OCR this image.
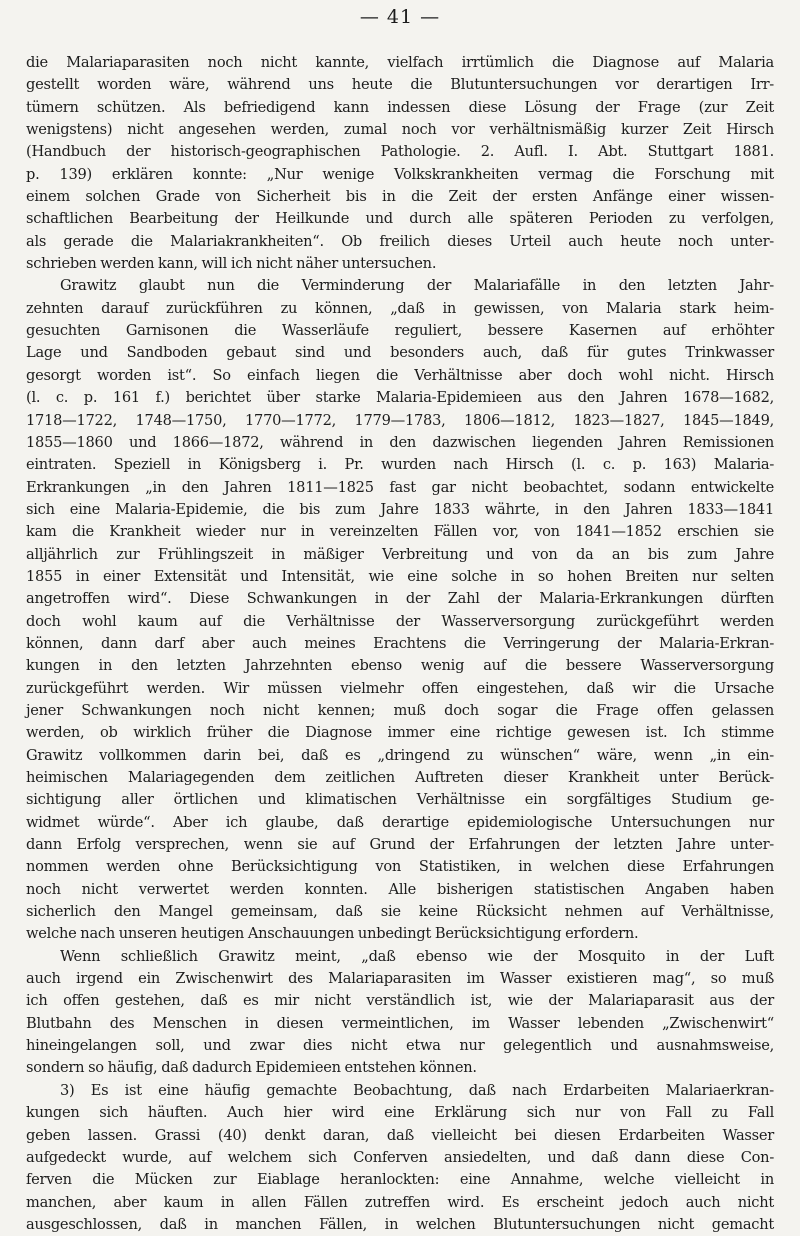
— 41 —
die Malariaparasiten noch nicht kannte, vielfach irrtümlich die Diagnose auf Malaria
gestellt worden wäre, während uns heute die Blutuntersuchungen vor derartigen Irr-
tümern schützen. Als befriedigend kann indessen diese Lösung der Frage (zur Zeit
wenigstens) nicht angesehen werden, zumal noch vor verhältnismäßig kurzer Zeit Hirsch
(Handbuch der historisch-geographischen Pathologie. 2. Aufl. I. Abt. Stuttgart 1881.
p. 139) erklären konnte: „Nur wenige Volkskrankheiten vermag die Forschung mit
einem solchen Grade von Sicherheit bis in die Zeit der ersten Anfänge einer wissen-
schaftlichen Bearbeitung der Heilkunde und durch alle späteren Perioden zu verfolgen,
als gerade die Malariakrankheiten“. Ob freilich dieses Urteil auch heute noch unter-
schrieben werden kann, will ich nicht näher untersuchen.
Grawitz glaubt nun die Verminderung der Malariafälle in den letzten Jahr-
zehnten darauf zurückführen zu können, „daß in gewissen, von Malaria stark heim-
gesuchten Garnisonen die Wasserläufe reguliert, bessere Kasernen auf erhöhter
Lage und Sandboden gebaut sind und besonders auch, daß für gutes Trinkwasser
gesorgt worden ist“. So einfach liegen die Verhältnisse aber doch wohl nicht. Hirsch
(l. c. p. 161 f.) berichtet über starke Malaria-Epidemieen aus den Jahren 1678—1682,
1718—1722, 1748—1750, 1770—1772, 1779—1783, 1806—1812, 1823—1827, 1845—1849,
1855—1860 und 1866—1872, während in den dazwischen liegenden Jahren Remissionen
eintraten. Speziell in Königsberg i. Pr. wurden nach Hirsch (l. c. p. 163) Malaria-
Erkrankungen „in den Jahren 1811—1825 fast gar nicht beobachtet, sodann entwickelte
sich eine Malaria-Epidemie, die bis zum Jahre 1833 währte, in den Jahren 1833—1841
kam die Krankheit wieder nur in vereinzelten Fällen vor, von 1841—1852 erschien sie
alljährlich zur Frühlingszeit in mäßiger Verbreitung und von da an bis zum Jahre
1855 in einer Extensität und Intensität, wie eine solche in so hohen Breiten nur selten
angetroffen wird“. Diese Schwankungen in der Zahl der Malaria-Erkrankungen dürften
doch wohl kaum auf die Verhältnisse der Wasserversorgung zurückgeführt werden
können, dann darf aber auch meines Erachtens die Verringerung der Malaria-Erkran-
kungen in den letzten Jahrzehnten ebenso wenig auf die bessere Wasserversorgung
zurückgeführt werden. Wir müssen vielmehr offen eingestehen, daß wir die Ursache
jener Schwankungen noch nicht kennen; muß doch sogar die Frage offen gelassen
werden, ob wirklich früher die Diagnose immer eine richtige gewesen ist. Ich stimme
Grawitz vollkommen darin bei, daß es „dringend zu wünschen“ wäre, wenn „in ein-
heimischen Malariagegenden dem zeitlichen Auftreten dieser Krankheit unter Berück-
sichtigung aller örtlichen und klimatischen Verhältnisse ein sorgfältiges Studium ge-
widmet würde“. Aber ich glaube, daß derartige epidemiologische Untersuchungen nur
dann Erfolg versprechen, wenn sie auf Grund der Erfahrungen der letzten Jahre unter-
nommen werden ohne Berücksichtigung von Statistiken, in welchen diese Erfahrungen
noch nicht verwertet werden konnten. Alle bisherigen statistischen Angaben haben
sicherlich den Mangel gemeinsam, daß sie keine Rücksicht nehmen auf Verhältnisse,
welche nach unseren heutigen Anschauungen unbedingt Berücksichtigung erfordern.
Wenn schließlich Grawitz meint, „daß ebenso wie der Mosquito in der Luft
auch irgend ein Zwischenwirt des Malariaparasiten im Wasser existieren mag“, so muß
ich offen gestehen, daß es mir nicht verständlich ist, wie der Malariaparasit aus der
Blutbahn des Menschen in diesen vermeintlichen, im Wasser lebenden „Zwischenwirt“
hineingelangen soll, und zwar dies nicht etwa nur gelegentlich und ausnahmsweise,
sondern so häufig, daß dadurch Epidemieen entstehen können.
3) Es ist eine häufig gemachte Beobachtung, daß nach Erdarbeiten Malariaerkran-
kungen sich häuften. Auch hier wird eine Erklärung sich nur von Fall zu Fall
geben lassen. Grassi (40) denkt daran, daß vielleicht bei diesen Erdarbeiten Wasser
aufgedeckt wurde, auf welchem sich Conferven ansiedelten, und daß dann diese Con-
ferven die Mücken zur Eiablage heranlockten: eine Annahme, welche vielleicht in
manchen, aber kaum in allen Fällen zutreffen wird. Es erscheint jedoch auch nicht
ausgeschlossen, daß in manchen Fällen, in welchen Blutuntersuchungen nicht gemacht
